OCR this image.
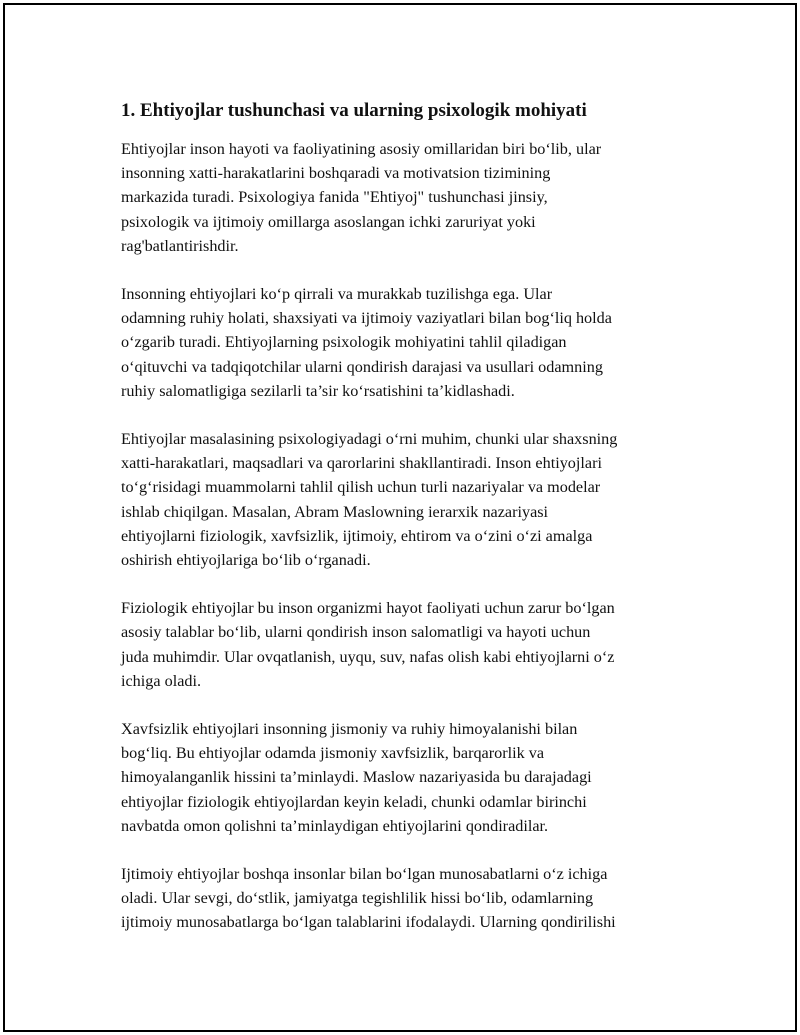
1. Ehtiyojlar tushunchasi va ularning psixologik mohiyati

Ehtiyojlar inson hayoti va faoliyatining asosiy omillaridan biri bo‘lib, ular
insonning xatti-harakatlarini boshqaradi va motivatsion tizimining
markazida turadi. Psixologiya fanida "Ehtiyoj" tushunchasi jinsiy,
psixologik va ijtimoiy omillarga asoslangan ichki zaruriyat yoki
rag'batlantirishdir.

Insonning ehtiyojlari ko‘p qirrali va murakkab tuzilishga ega. Ular
odamning ruhiy holati, shaxsiyati va ijtimoiy vaziyatlari bilan bog‘liq holda
o‘zgarib turadi. Ehtiyojlarning psixologik mohiyatini tahlil qiladigan
o‘qituvchi va tadqiqotchilar ularni qondirish darajasi va usullari odamning
ruhiy salomatligiga sezilarli ta’sir ko‘rsatishini ta’kidlashadi.

Ehtiyojlar masalasining psixologiyadagi o‘rni muhim, chunki ular shaxsning
xatti-harakatlari, maqsadlari va qarorlarini shakllantiradi. Inson ehtiyojlari
to‘g‘risidagi muammolarni tahlil qilish uchun turli nazariyalar va modelar
ishlab chiqilgan. Masalan, Abram Maslowning ierarxik nazariyasi
ehtiyojlarni fiziologik, xavfsizlik, ijtimoiy, ehtirom va o‘zini o‘zi amalga
oshirish ehtiyojlariga bo‘lib o‘rganadi.

Fiziologik ehtiyojlar bu inson organizmi hayot faoliyati uchun zarur bo‘lgan
asosiy talablar bo‘lib, ularni qondirish inson salomatligi va hayoti uchun
juda muhimdir. Ular ovqatlanish, uyqu, suv, nafas olish kabi ehtiyojlarni o‘z
ichiga oladi.

Xavfsizlik ehtiyojlari insonning jismoniy va ruhiy himoyalanishi bilan
bog‘liq. Bu ehtiyojlar odamda jismoniy xavfsizlik, barqarorlik va
himoyalanganlik hissini ta’minlaydi. Maslow nazariyasida bu darajadagi
ehtiyojlar fiziologik ehtiyojlardan keyin keladi, chunki odamlar birinchi
navbatda omon qolishni ta’minlaydigan ehtiyojlarini qondiradilar.

Ijtimoiy ehtiyojlar boshqa insonlar bilan bo‘lgan munosabatlarni o‘z ichiga
oladi. Ular sevgi, do‘stlik, jamiyatga tegishlilik hissi bo‘lib, odamlarning
ijtimoiy munosabatlarga bo‘lgan talablarini ifodalaydi. Ularning qondirilishi
